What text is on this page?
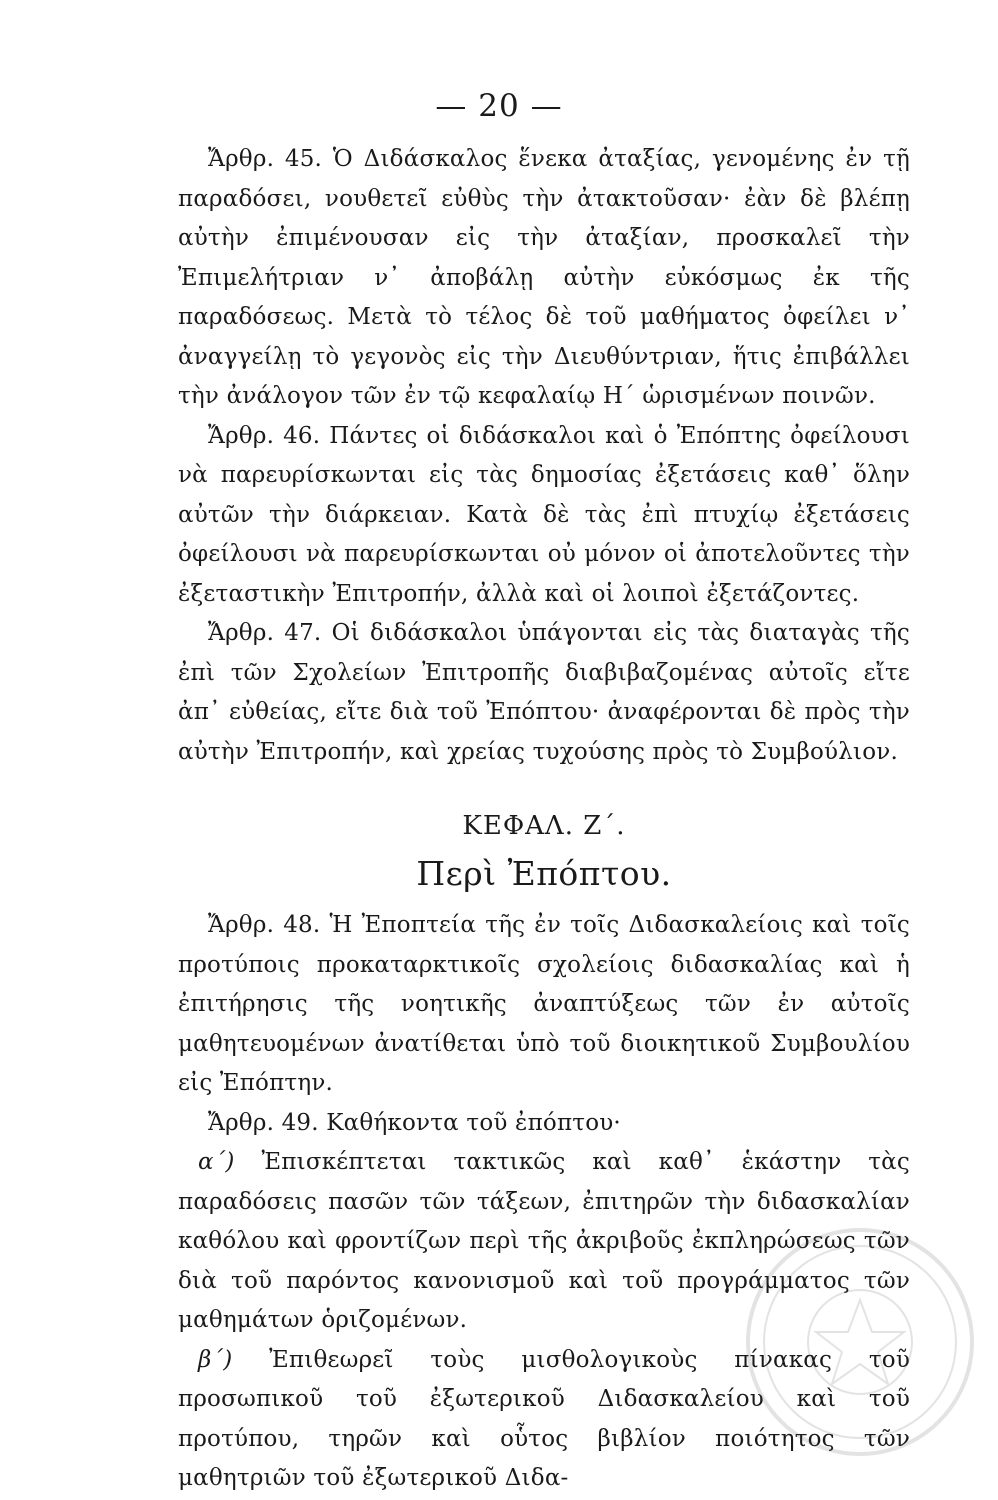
— 20 —

Ἄρθρ. 45. Ὁ Διδάσκαλος ἕνεκα ἀταξίας, γενομένης ἐν τῇ παραδόσει, νουθετεῖ εὐθὺς τὴν ἀτακτοῦσαν· ἐὰν δὲ βλέπῃ αὐτὴν ἐπιμένουσαν εἰς τὴν ἀταξίαν, προσκαλεῖ τὴν Ἐπιμελήτριαν ν᾽ ἀποβάλῃ αὐτὴν εὐκόσμως ἐκ τῆς παραδόσεως. Μετὰ τὸ τέλος δὲ τοῦ μαθήματος ὀφείλει ν᾽ ἀναγγείλῃ τὸ γεγονὸς εἰς τὴν Διευθύντριαν, ἥτις ἐπιβάλλει τὴν ἀνάλογον τῶν ἐν τῷ κεφαλαίῳ Η´ ὡρισμένων ποινῶν.

Ἄρθρ. 46. Πάντες οἱ διδάσκαλοι καὶ ὁ Ἐπόπτης ὀφείλουσι νὰ παρευρίσκωνται εἰς τὰς δημοσίας ἐξετάσεις καθ᾽ ὅλην αὐτῶν τὴν διάρκειαν. Κατὰ δὲ τὰς ἐπὶ πτυχίῳ ἐξετάσεις ὀφείλουσι νὰ παρευρίσκωνται οὐ μόνον οἱ ἀποτελοῦντες τὴν ἐξεταστικὴν Ἐπιτροπήν, ἀλλὰ καὶ οἱ λοιποὶ ἐξετάζοντες.

Ἄρθρ. 47. Οἱ διδάσκαλοι ὑπάγονται εἰς τὰς διαταγὰς τῆς ἐπὶ τῶν Σχολείων Ἐπιτροπῆς διαβιβαζομένας αὐτοῖς εἴτε ἀπ᾽ εὐθείας, εἴτε διὰ τοῦ Ἐπόπτου· ἀναφέρονται δὲ πρὸς τὴν αὐτὴν Ἐπιτροπήν, καὶ χρείας τυχούσης πρὸς τὸ Συμβούλιον.

ΚΕΦΑΛ. Ζ´.
Περὶ Ἐπόπτου.

Ἄρθρ. 48. Ἡ Ἐποπτεία τῆς ἐν τοῖς Διδασκαλείοις καὶ τοῖς προτύποις προκαταρκτικοῖς σχολείοις διδασκαλίας καὶ ἡ ἐπιτήρησις τῆς νοητικῆς ἀναπτύξεως τῶν ἐν αὐτοῖς μαθητευομένων ἀνατίθεται ὑπὸ τοῦ διοικητικοῦ Συμβουλίου εἰς Ἐπόπτην.

Ἄρθρ. 49. Καθήκοντα τοῦ ἐπόπτου·

α´) Ἐπισκέπτεται τακτικῶς καὶ καθ᾽ ἑκάστην τὰς παραδόσεις πασῶν τῶν τάξεων, ἐπιτηρῶν τὴν διδασκαλίαν καθόλου καὶ φροντίζων περὶ τῆς ἀκριβοῦς ἐκπληρώσεως τῶν διὰ τοῦ παρόντος κανονισμοῦ καὶ τοῦ προγράμματος τῶν μαθημάτων ὁριζομένων.

β´) Ἐπιθεωρεῖ τοὺς μισθολογικοὺς πίνακας τοῦ προσωπικοῦ τοῦ ἐξωτερικοῦ Διδασκαλείου καὶ τοῦ προτύπου, τηρῶν καὶ οὗτος βιβλίον ποιότητος τῶν μαθητριῶν τοῦ ἐξωτερικοῦ Διδα-
